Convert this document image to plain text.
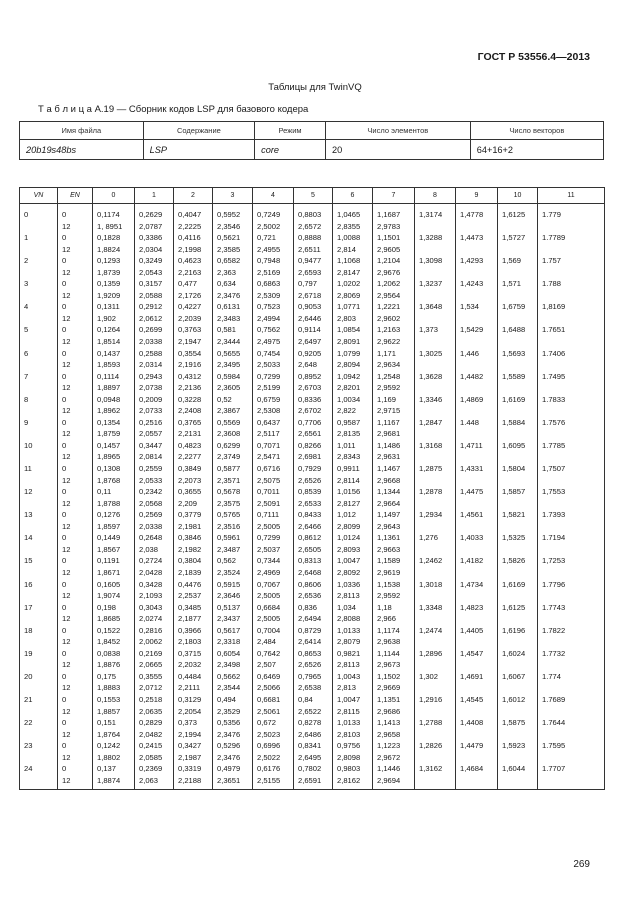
ГОСТ Р 53556.4—2013
Таблицы для TwinVQ
Т а б л и ц а А.19 — Сборник кодов LSP для базового кодера
Имя файла	Содержание	Режим	Число элементов	Число векторов
20b19s48bs	LSP	core	20	64+16+2
VN	EN	0	1	2	3	4	5	6	7	8	9	10	11
0	0	0,1174	0,2629	0,4047	0,5952	0,7249	0,8803	1,0465	1,1687	1,3174	1,4778	1,6125	1.779
	12	1, 8951	2,0787	2,2225	2,3546	2,5002	2,6572	2,8355	2,9783				
1	0	0,1828	0,3386	0,4116	0,5621	0,721	0,8888	1,0088	1,1501	1,3288	1,4473	1,5727	1.7789
	12	1,8824	2,0304	2,1998	2,3585	2,4955	2,6511	2,814	2,9605				
2	0	0,1293	0,3249	0,4623	0,6582	0,7948	0,9477	1,1068	1,2104	1,3098	1,4293	1,569	1.757
	12	1,8739	2,0543	2,2163	2,363	2,5169	2,6593	2,8147	2,9676				
3	0	0,1359	0,3157	0,477	0,634	0,6863	0,797	1,0202	1,2062	1,3237	1,4243	1,571	1.788
	12	1,9209	2,0588	2,1726	2,3476	2,5309	2,6718	2,8069	2,9564				
4	0	0,1311	0,2912	0,4227	0,6131	0,7523	0,9053	1,0771	1,2221	1,3648	1,534	1,6759	1,8169
	12	1,902	2,0612	2,2039	2,3483	2,4994	2,6446	2,803	2,9602				
5	0	0,1264	0,2699	0,3763	0,581	0,7562	0,9114	1,0854	1,2163	1,373	1,5429	1,6488	1.7651
	12	1,8514	2,0338	2,1947	2,3444	2,4975	2,6497	2,8091	2,9622				
6	0	0,1437	0,2588	0,3554	0,5655	0,7454	0,9205	1,0799	1,171	1,3025	1,446	1,5693	1.7406
	12	1,8593	2,0314	2,1916	2,3495	2,5033	2,648	2,8094	2,9634				
7	0	0,1114	0,2943	0,4312	0,5984	0,7299	0,8952	1,0942	1,2548	1,3628	1,4482	1,5589	1.7495
	12	1,8897	2,0738	2,2136	2,3605	2,5199	2,6703	2,8201	2,9592				
8	0	0,0948	0,2009	0,3228	0,52	0,6759	0,8336	1,0034	1,169	1,3346	1,4869	1,6169	1.7833
	12	1,8962	2,0733	2,2408	2,3867	2,5308	2,6702	2,822	2,9715				
9	0	0,1354	0,2516	0,3765	0,5569	0,6437	0,7706	0,9587	1,1167	1,2847	1.448	1,5884	1.7576
	12	1,8759	2,0557	2,2131	2,3608	2,5117	2,6561	2,8135	2,9681				
10	0	0,1457	0,3447	0,4823	0,6299	0,7071	0,8266	1,011	1,1486	1,3168	1,4711	1,6095	1.7785
	12	1,8965	2,0814	2,2277	2,3749	2,5471	2,6981	2,8343	2,9631				
11	0	0,1308	0,2559	0,3849	0,5877	0,6716	0,7929	0,9911	1,1467	1,2875	1,4331	1,5804	1,7507
	12	1,8768	2,0533	2,2073	2,3571	2,5075	2,6526	2,8114	2,9668				
12	0	0,11	0,2342	0,3655	0,5678	0,7011	0,8539	1,0156	1,1344	1,2878	1,4475	1,5857	1,7553
	12	1,8788	2,0568	2,209	2,3575	2,5091	2,6533	2,8127	2,9664				
13	0	0,1276	0,2569	0,3779	0,5765	0,7111	0,8433	1,012	1,1497	1,2934	1,4561	1,5821	1.7393
	12	1,8597	2,0338	2,1981	2,3516	2,5005	2,6466	2,8099	2,9643				
14	0	0,1449	0,2648	0,3846	0,5961	0,7299	0,8612	1,0124	1,1361	1,276	1,4033	1,5325	1.7194
	12	1,8567	2,038	2,1982	2,3487	2,5037	2,6505	2,8093	2,9663				
15	0	0,1191	0,2724	0,3804	0,562	0,7344	0,8313	1,0047	1,1589	1,2462	1,4182	1,5826	1,7253
	12	1,8671	2,0428	2,1839	2,3524	2,4969	2,6468	2,8092	2,9619				
16	0	0,1605	0,3428	0,4476	0,5915	0,7067	0,8606	1,0336	1,1538	1,3018	1,4734	1,6169	1.7796
	12	1,9074	2,1093	2,2537	2,3646	2,5005	2,6536	2,8113	2,9592				
17	0	0,198	0,3043	0,3485	0,5137	0,6684	0,836	1,034	1,18	1,3348	1,4823	1,6125	1.7743
	12	1,8685	2,0274	2,1877	2,3437	2,5005	2,6494	2,8088	2,966				
18	0	0,1522	0,2816	0,3966	0,5617	0,7004	0,8729	1,0133	1,1174	1,2474	1,4405	1,6196	1.7822
	12	1,8452	2,0062	2,1803	2,3318	2,484	2,6414	2,8079	2,9638				
19	0	0,0838	0,2169	0,3715	0,6054	0,7642	0,8653	0,9821	1,1144	1,2896	1,4547	1,6024	1.7732
	12	1,8876	2,0665	2,2032	2,3498	2,507	2,6526	2,8113	2,9673				
20	0	0,175	0,3555	0,4484	0,5662	0,6469	0,7965	1,0043	1,1502	1,302	1,4691	1,6067	1.774
	12	1,8883	2,0712	2,2111	2,3544	2,5066	2,6538	2,813	2,9669				
21	0	0,1553	0,2518	0,3129	0,494	0,6681	0,84	1,0047	1,1351	1,2916	1,4545	1,6012	1.7689
	12	1,8857	2,0635	2,2054	2,3529	2,5061	2,6522	2,8115	2,9686				
22	0	0,151	0,2829	0,373	0,5356	0,672	0,8278	1,0133	1,1413	1,2788	1,4408	1,5875	1.7644
	12	1,8764	2,0482	2,1994	2,3476	2,5023	2,6486	2,8103	2,9658				
23	0	0,1242	0,2415	0,3427	0,5296	0,6996	0,8341	0,9756	1,1223	1,2826	1,4479	1,5923	1.7595
	12	1,8802	2,0585	2,1987	2,3476	2,5022	2,6495	2,8098	2,9672				
24	0	0,137	0,2369	0,3319	0,4979	0,6176	0,7802	0,9803	1,1446	1,3162	1,4684	1,6044	1.7707
	12	1,8874	2,063	2,2188	2,3651	2,5155	2,6591	2,8162	2,9694				
269
